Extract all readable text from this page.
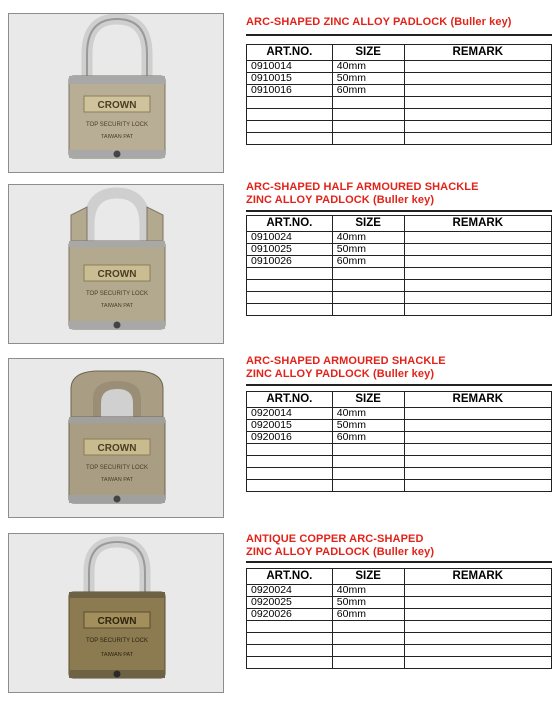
CROWN
TOP SECURITY LOCK
TAIWAN PAT
ARC-SHAPED ZINC ALLOY PADLOCK (Buller key)
ART.NO.	SIZE	REMARK
0910014	40mm	
0910015	50mm	
0910016	60mm	

CROWN
TOP SECURITY LOCK
TAIWAN PAT
ARC-SHAPED HALF ARMOURED SHACKLE
ZINC ALLOY PADLOCK (Buller key)
ART.NO.	SIZE	REMARK
0910024	40mm	
0910025	50mm	
0910026	60mm	

CROWN
TOP SECURITY LOCK
TAIWAN PAT
ARC-SHAPED ARMOURED SHACKLE
ZINC ALLOY PADLOCK (Buller key)
ART.NO.	SIZE	REMARK
0920014	40mm	
0920015	50mm	
0920016	60mm	

CROWN
TOP SECURITY LOCK
TAIWAN PAT
ANTIQUE COPPER ARC-SHAPED
ZINC ALLOY PADLOCK (Buller key)
ART.NO.	SIZE	REMARK
0920024	40mm	
0920025	50mm	
0920026	60mm	
